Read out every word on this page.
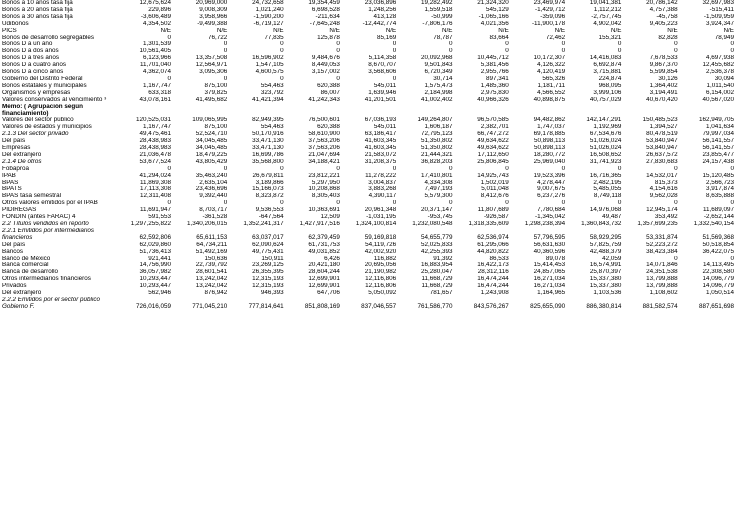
Bonos a 10 años tasa fija	12,675,624	20,969,000	24,732,658	19,354,459	23,036,896	19,282,492	21,324,320	23,469,974	19,041,381	20,786,142	32,697,983
Bonos a 20 años tasa fija	229,896	9,008,309	1,021,240	6,698,528	1,248,256	1,559,518	545,129	-1,429,712	1,112,212	4,757,388	-515,411
Bonos a 30 años tasa fija	-3,606,489	3,958,966	-1,590,200	-211,634	413,128	-50,999	-1,065,166	-359,096	-2,757,745	-45,758	-1,509,959
Udibonos	4,354,502	-9,499,388	-6,719,127	-7,645,248	-12,442,774	-7,806,176	4,021,356	-11,900,178	4,902,042	9,405,223	3,924,347
PICS	N/E	N/E	N/E	N/E	N/E	N/E	N/E	N/E	N/E	N/E	N/E
Bonos de desarrollo segregables	0	76,722	77,835	125,878	85,169	78,787	83,664	72,462	155,321	82,828	78,949
Bonos D a un año	1,301,539	0	0	0	0	0	0	0	0	0	0
Bonos D a dos años	10,561,405	0	0	0	0	0	0	0	0	0	0
Bonos D a tres años	6,123,966	13,357,508	16,596,902	9,484,676	5,114,358	20,092,968	10,445,712	10,172,307	14,416,083	7,678,533	4,697,938
Bonos D a cuatro años	11,701,040	12,564,971	1,547,105	8,449,053	8,670,707	9,501,843	5,381,456	4,126,322	6,692,874	9,867,370	12,455,682
Bonos D a cinco años	4,362,074	3,095,306	4,600,575	3,157,002	3,568,606	6,720,349	2,955,766	4,120,419	3,715,881	5,599,854	2,536,378
Gobierno del Distrito Federal	0	0	0	0	0	30,714	897,341	565,326	224,874	30,126	30,094
Bonos estatales y municipales	1,167,747	875,100	554,463	620,388	545,011	1,575,473	1,485,360	1,181,711	968,095	1,364,402	1,011,540
Organismos y empresas	633,318	379,825	323,792	86,007	1,639,946	2,184,998	2,975,830	4,566,552	3,999,106	3,194,491	6,154,002
Valores conservados al vencimiento ³	43,078,161	41,495,682	41,421,394	41,242,343	41,201,501	41,002,402	40,966,326	40,898,875	40,757,029	40,670,420	40,567,020
Memo: ( Agrupación según financiamiento)											
Valores del sector público	120,525,031	109,065,995	82,949,395	76,500,601	67,036,193	149,264,807	96,570,585	94,482,862	142,147,291	150,485,523	162,949,705
Valores de estados y municipios	1,167,747	875,100	554,463	620,388	545,011	1,606,187	2,382,701	1,747,037	1,192,969	1,394,527	1,041,634
2.1.3 Del sector privado	49,475,461	52,524,710	50,170,916	58,610,900	63,186,417	72,795,123	66,747,272	69,178,885	67,534,676	80,478,519	79,997,034
Del país	28,438,983	34,045,485	33,471,130	37,563,206	41,603,345	51,350,802	49,634,622	50,898,113	51,026,024	53,840,947	56,141,557
Empresas	28,438,983	34,045,485	33,471,130	37,563,206	41,603,345	51,350,802	49,634,622	50,898,113	51,026,024	53,840,947	56,141,557
Del extranjero	21,036,478	18,479,225	16,699,786	21,047,694	21,583,072	21,444,321	17,112,650	18,280,772	16,508,652	26,637,572	23,855,477
2.1.4 De otros	53,677,524	43,805,429	35,568,800	34,188,421	31,208,375	36,828,203	25,806,845	25,969,040	31,741,923	27,830,683	24,157,438
Fobaproa	0	0	0	0	0	0	0	0	0	0	0
IPAB	41,294,024	35,463,240	26,679,811	23,812,221	11,278,222	17,410,801	14,925,743	19,523,396	16,716,365	14,532,017	15,120,485
BPAS	11,869,308	2,635,104	3,189,866	5,297,950	3,004,837	4,334,308	1,502,019	4,278,447	2,482,195	815,373	2,566,723
BPATS	17,113,308	23,436,696	15,166,073	10,208,868	3,883,268	7,497,193	5,011,048	9,007,675	5,485,055	4,154,616	3,917,874
BPAS tasa semestral	12,311,408	9,392,440	8,323,872	8,305,403	4,390,117	5,579,300	8,412,676	6,237,276	8,749,118	9,562,028	8,635,888
Otros valores emitidos por el IPAB	0	0	0	0	0	0	0	0	0	0	0
PIDIREGAS	11,691,947	8,703,717	9,536,553	10,363,691	20,961,348	20,371,147	11,807,689	7,780,684	14,976,068	12,945,174	11,689,097
FONDIN (antes FARAC) 4	591,553	-361,528	-647,564	12,509	-1,031,195	-953,745	-926,587	-1,345,042	49,487	353,492	-2,652,144
2.2 Títulos vendidos en reporto	1,297,255,822	1,340,206,015	1,352,241,317	1,427,917,516	1,324,100,814	1,232,080,548	1,318,335,609	1,298,238,394	1,360,843,732	1,357,699,235	1,332,540,154
2.2.1 Emitidos por intermediarios financieros	62,592,806	65,611,153	63,037,017	62,379,459	59,169,818	54,655,779	62,536,974	57,796,595	58,929,295	53,331,874	51,569,368
Del país	62,029,860	64,734,211	62,090,624	61,731,753	54,119,726	52,025,833	61,295,066	56,631,630	57,825,759	52,223,272	50,518,854
Bancos	51,736,413	51,492,169	49,775,431	49,031,852	42,002,920	42,255,393	44,820,822	40,360,596	42,488,379	38,423,384	36,422,075
Banco de México	921,441	150,636	150,911	6,426	116,882	91,392	86,533	89,078	42,059	0	0
Banca comercial	14,756,990	22,739,792	23,269,125	20,421,180	20,695,056	16,883,954	16,422,173	15,414,453	16,574,991	14,071,846	14,113,495
Banca de desarrollo	36,057,982	28,601,541	26,355,395	28,604,244	21,190,982	25,280,047	28,312,116	24,857,065	25,870,397	24,351,538	22,308,580
Otros intermediarios financieros	10,293,447	13,242,042	12,315,193	12,699,901	12,116,806	11,668,729	16,474,244	16,271,034	15,337,380	13,799,888	14,096,779
Privados	10,293,447	13,242,042	12,315,193	12,699,901	12,116,806	11,668,729	16,474,244	16,271,034	15,337,380	13,799,888	14,096,779
Del extranjero	562,946	876,942	946,393	647,706	5,050,092	781,657	1,243,908	1,164,965	1,103,536	1,108,602	1,050,514
2.2.2 Emitidos por el sector público Gobierno F.	726,016,059	771,045,210	777,814,641	851,808,169	837,046,557	761,586,770	843,576,267	825,655,090	886,380,814	881,582,574	887,651,698
